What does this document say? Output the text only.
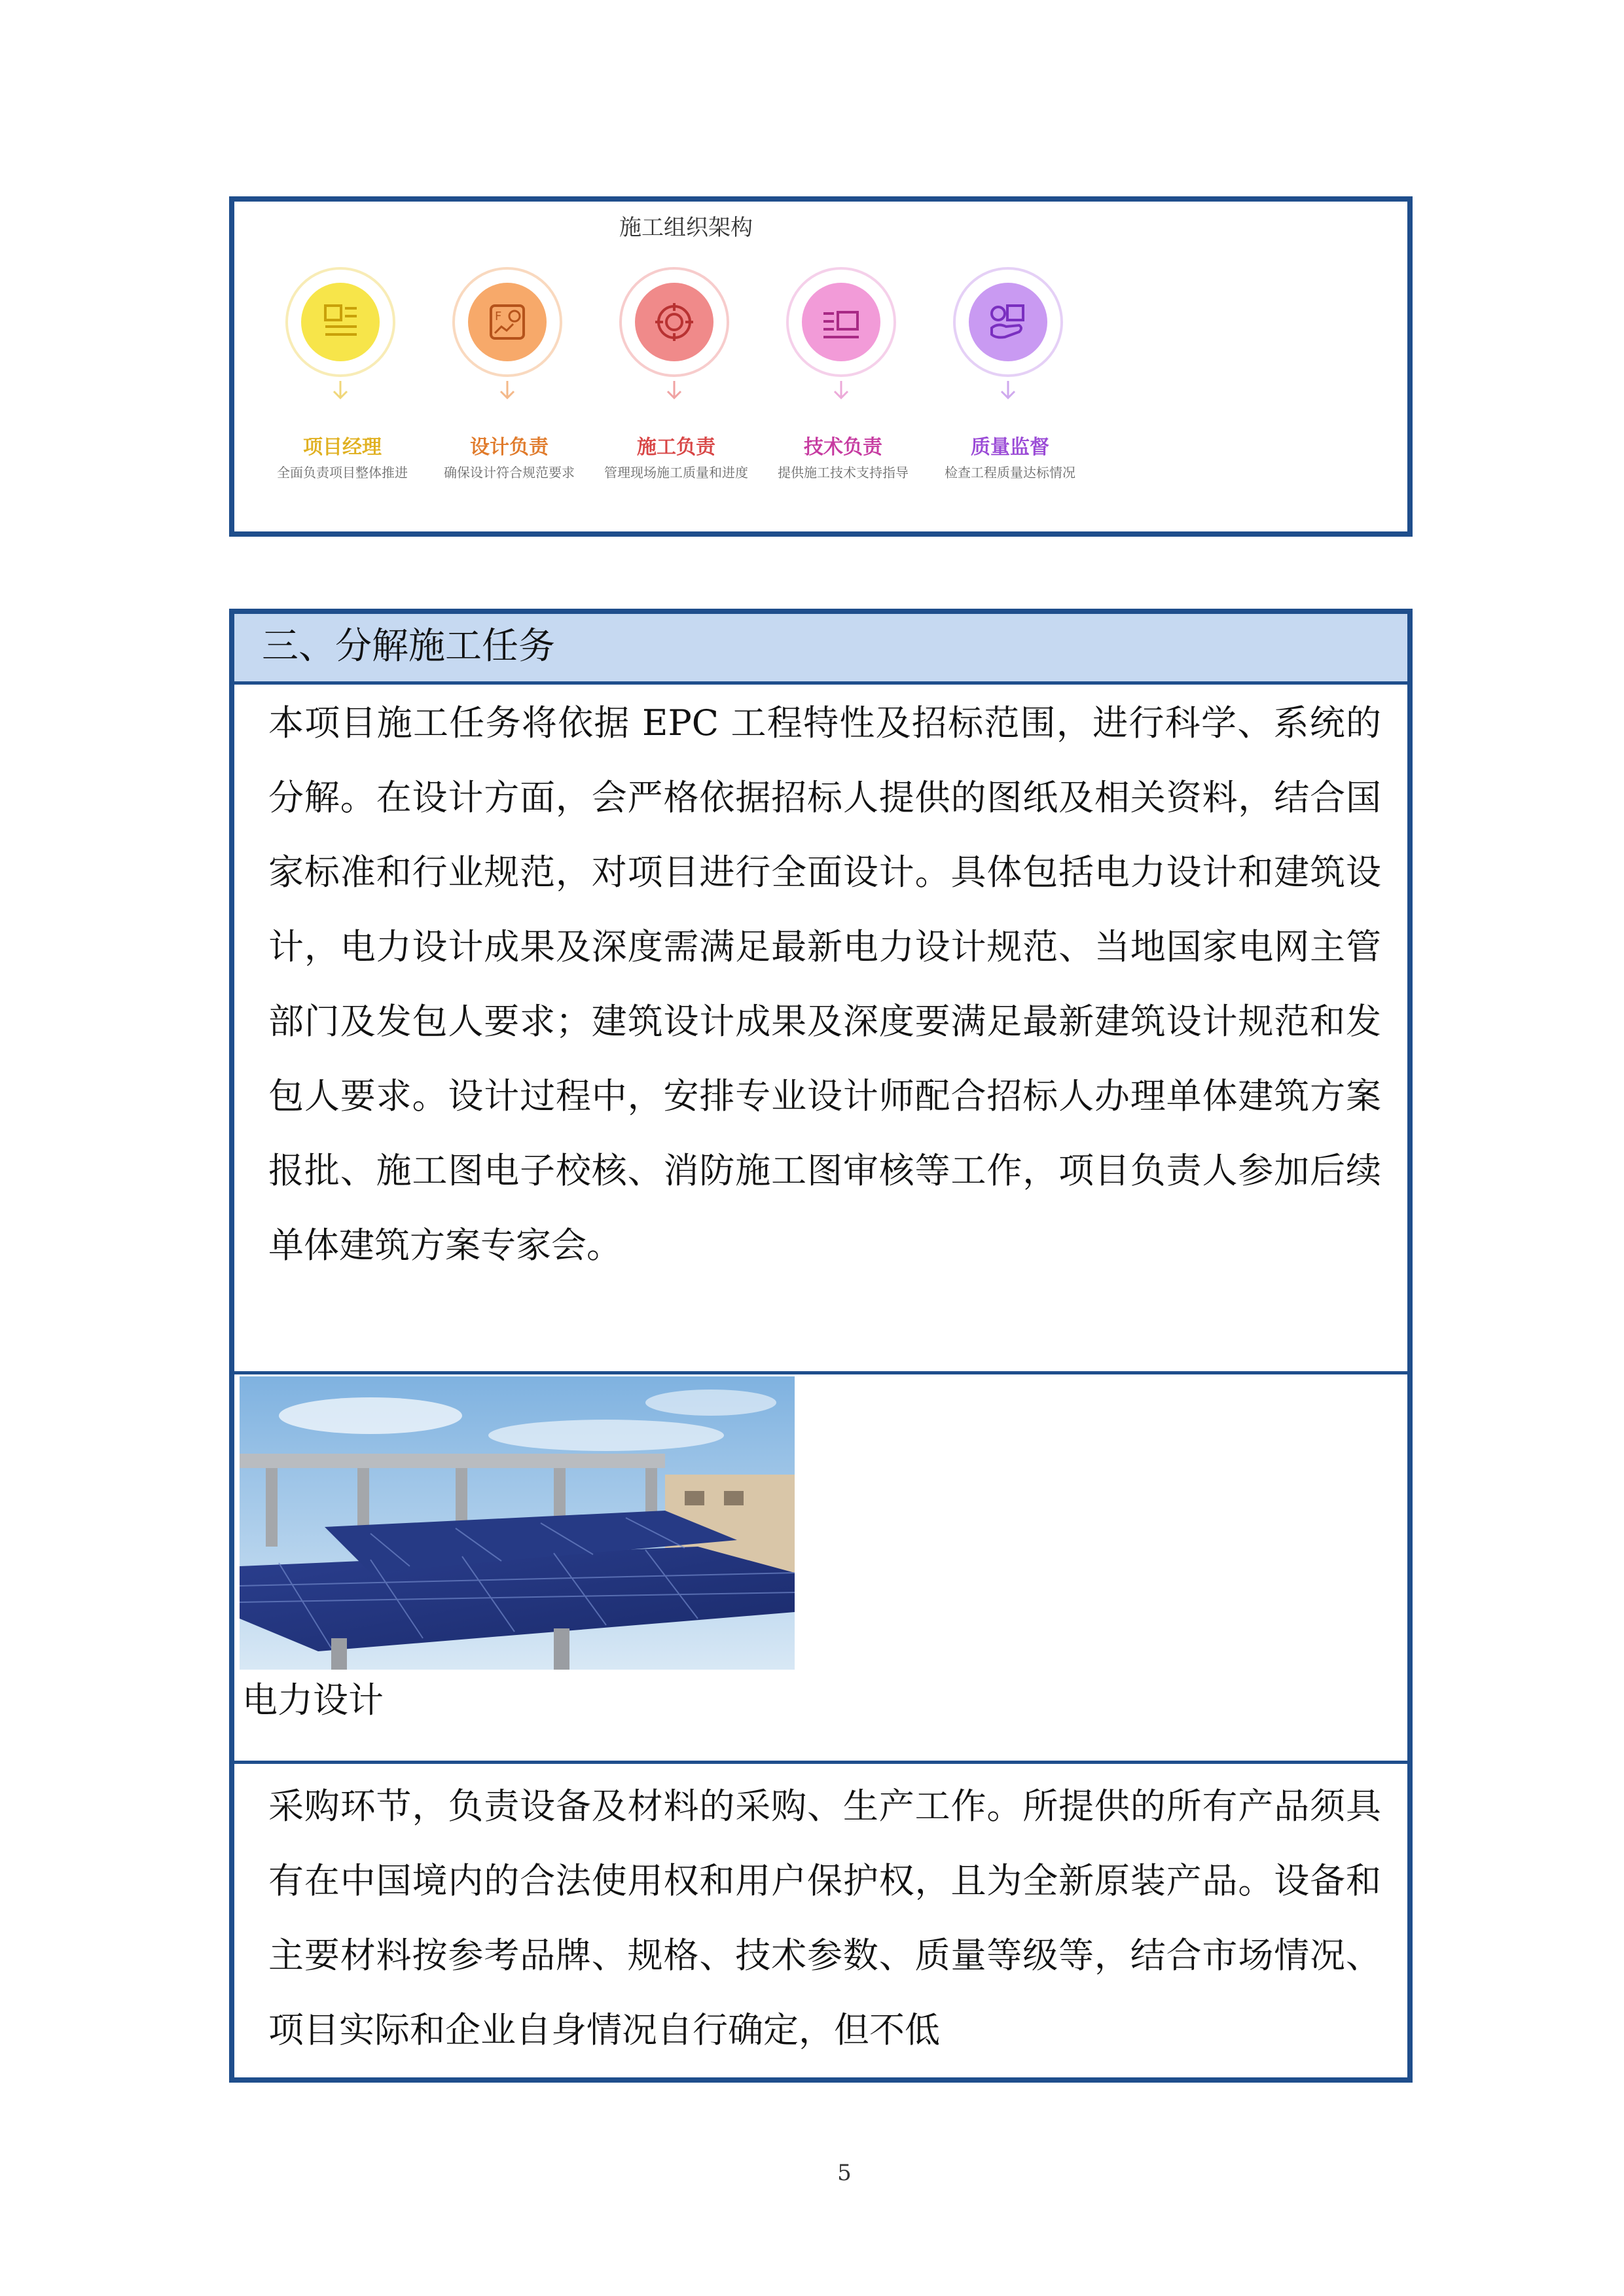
施工组织架构
项目经理
全面负责项目整体推进
F
设计负责
确保设计符合规范要求
施工负责
管理现场施工质量和进度
技术负责
提供施工技术支持指导
质量监督
检查工程质量达标情况
三、分解施工任务
本项目施工任务将依据 EPC 工程特性及招标范围，进行科学、系统的分解。在设计方面，会严格依据招标人提供的图纸及相关资料，结合国家标准和行业规范，对项目进行全面设计。具体包括电力设计和建筑设计，电力设计成果及深度需满足最新电力设计规范、当地国家电网主管部门及发包人要求；建筑设计成果及深度要满足最新建筑设计规范和发包人要求。设计过程中，安排专业设计师配合招标人办理单体建筑方案报批、施工图电子校核、消防施工图审核等工作，项目负责人参加后续单体建筑方案专家会。
电力设计
采购环节，负责设备及材料的采购、生产工作。所提供的所有产品须具有在中国境内的合法使用权和用户保护权，且为全新原装产品。设备和主要材料按参考品牌、规格、技术参数、质量等级等，结合市场情况、项目实际和企业自身情况自行确定，但不低
5
